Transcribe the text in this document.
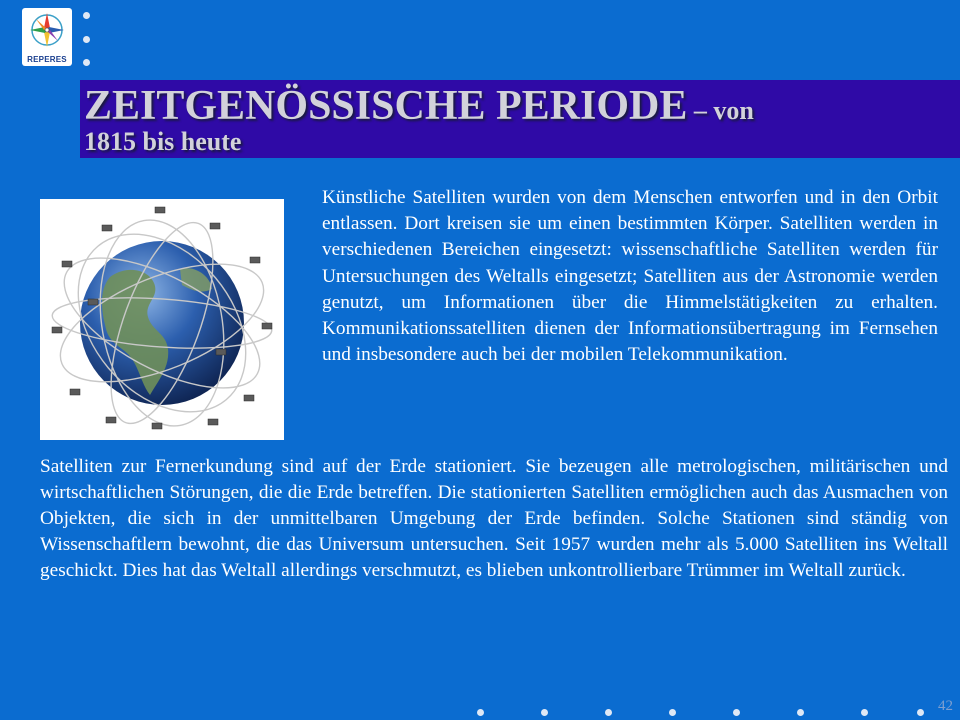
REPERES
ZEITGENÖSSISCHE PERIODE – von
1815 bis heute

Künstliche Satelliten wurden von dem Menschen entworfen und in den Orbit entlassen. Dort kreisen sie um einen bestimmten Körper. Satelliten werden in verschiedenen Bereichen eingesetzt: wissenschaftliche Satelliten werden für Untersuchungen des Weltalls eingesetzt; Satelliten aus der Astronomie werden genutzt, um Informationen über die Himmelstätigkeiten zu erhalten. Kommunikationssatelliten dienen der Informationsübertragung im Fernsehen und insbesondere auch bei der mobilen Telekommunikation.

Satelliten zur Fernerkundung sind auf der Erde stationiert. Sie bezeugen alle metrologischen, militärischen und wirtschaftlichen Störungen, die die Erde betreffen. Die stationierten Satelliten ermöglichen auch das Ausmachen von Objekten, die sich in der unmittelbaren Umgebung der Erde befinden. Solche Stationen sind ständig von Wissenschaftlern bewohnt, die das Universum untersuchen. Seit 1957 wurden mehr als 5.000 Satelliten ins Weltall geschickt. Dies hat das Weltall allerdings verschmutzt, es blieben unkontrollierbare Trümmer im Weltall zurück.

42
